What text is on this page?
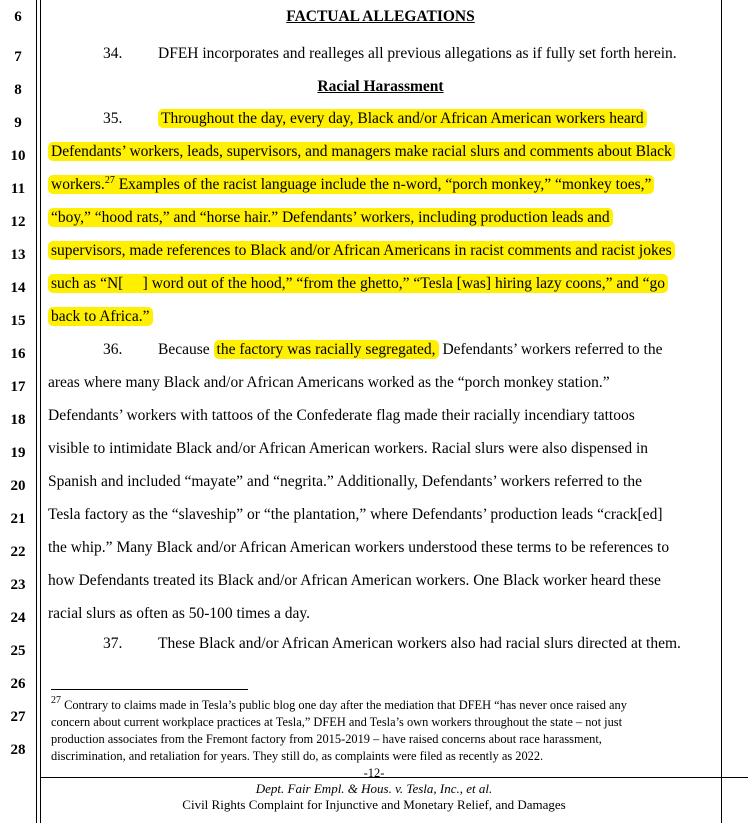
6
7
8
9
10
11
12
13
14
15
16
17
18
19
20
21
22
23
24
25
26
27
28
FACTUAL ALLEGATIONS
34. DFEH incorporates and realleges all previous allegations as if fully set forth herein.
Racial Harassment
35. Throughout the day, every day, Black and/or African American workers heard
Defendants’ workers, leads, supervisors, and managers make racial slurs and comments about Black
workers.$^{27}$ Examples of the racist language include the n-word, “porch monkey,” “monkey toes,”
“boy,” “hood rats,” and “horse hair.” Defendants’ workers, including production leads and
supervisors, made references to Black and/or African Americans in racist comments and racist jokes
such as “N[     ] word out of the hood,” “from the ghetto,” “Tesla [was] hiring lazy coons,” and “go
back to Africa.”
36. Because the factory was racially segregated, Defendants’ workers referred to the
areas where many Black and/or African Americans worked as the “porch monkey station.”
Defendants’ workers with tattoos of the Confederate flag made their racially incendiary tattoos
visible to intimidate Black and/or African American workers. Racial slurs were also dispensed in
Spanish and included “mayate” and “negrita.” Additionally, Defendants’ workers referred to the
Tesla factory as the “slaveship” or “the plantation,” where Defendants’ production leads “crack[ed]
the whip.” Many Black and/or African American workers understood these terms to be references to
how Defendants treated its Black and/or African American workers. One Black worker heard these
racial slurs as often as 50-100 times a day.
37. These Black and/or African American workers also had racial slurs directed at them.
$^{27}$ Contrary to claims made in Tesla’s public blog one day after the mediation that DFEH “has never once raised any
concern about current workplace practices at Tesla,” DFEH and Tesla’s own workers throughout the state – not just
production associates from the Fremont factory from 2015-2019 – have raised concerns about race harassment,
discrimination, and retaliation for years. They still do, as complaints were filed as recently as 2022.
-12-
Dept. Fair Empl. & Hous. v. Tesla, Inc., et al.
Civil Rights Complaint for Injunctive and Monetary Relief, and Damages
